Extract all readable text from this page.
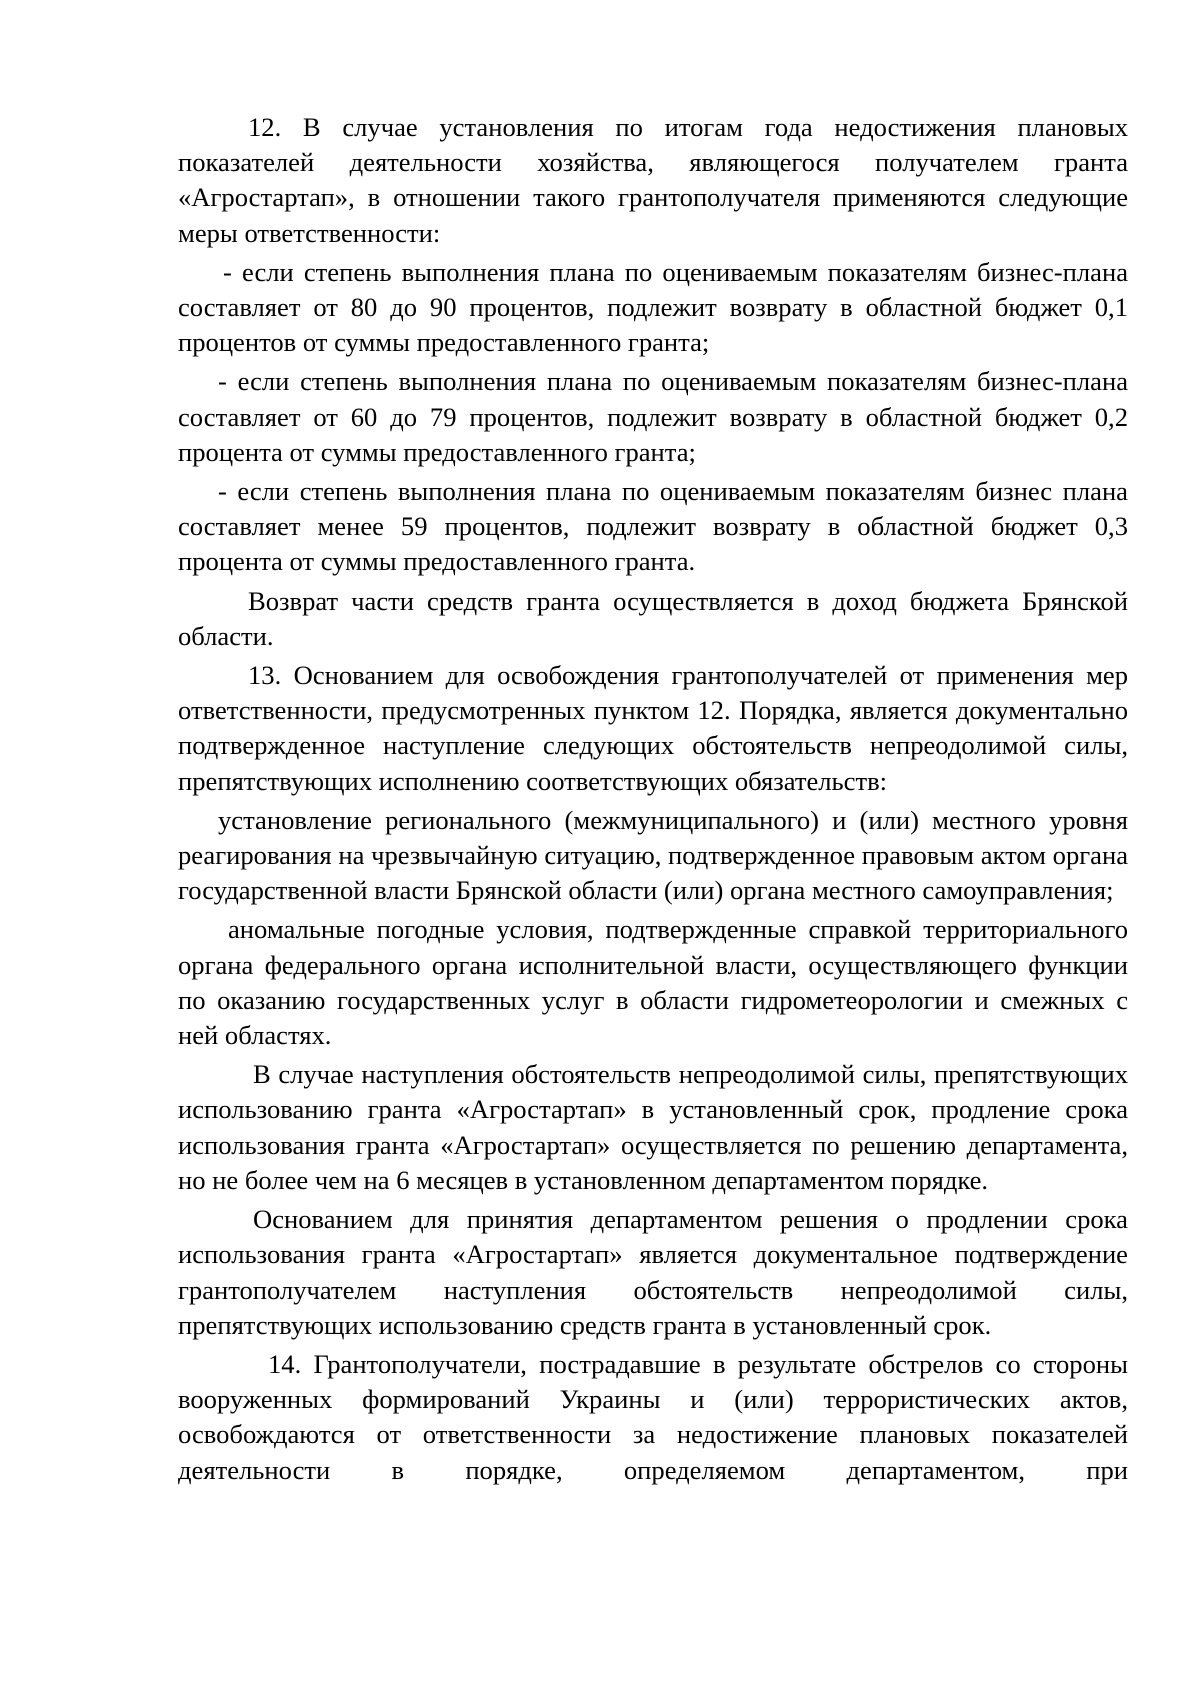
12. В случае установления по итогам года недостижения плановых показателей деятельности хозяйства, являющегося получателем гранта «Агростартап», в отношении такого грантополучателя применяются следующие меры ответственности:

- если степень выполнения плана по оцениваемым показателям бизнес-плана составляет от 80 до 90 процентов, подлежит возврату в областной бюджет 0,1 процентов от суммы предоставленного гранта;

- если степень выполнения плана по оцениваемым показателям бизнес-плана составляет от 60 до 79 процентов, подлежит возврату в областной бюджет 0,2 процента от суммы предоставленного гранта;

- если степень выполнения плана по оцениваемым показателям бизнес плана составляет менее 59 процентов, подлежит возврату в областной бюджет 0,3 процента от суммы предоставленного гранта.

Возврат части средств гранта осуществляется в доход бюджета Брянской области.

13. Основанием для освобождения грантополучателей от применения мер ответственности, предусмотренных пунктом 12. Порядка, является документально подтвержденное наступление следующих обстоятельств непреодолимой силы, препятствующих исполнению соответствующих обязательств:

установление регионального (межмуниципального) и (или) местного уровня реагирования на чрезвычайную ситуацию, подтвержденное правовым актом органа государственной власти Брянской области (или) органа местного самоуправления;

аномальные погодные условия, подтвержденные справкой территориального органа федерального органа исполнительной власти, осуществляющего функции по оказанию государственных услуг в области гидрометеорологии и смежных с ней областях.

В случае наступления обстоятельств непреодолимой силы, препятствующих использованию гранта «Агростартап» в установленный срок, продление срока использования гранта «Агростартап» осуществляется по решению департамента, но не более чем на 6 месяцев в установленном департаментом порядке.

Основанием для принятия департаментом решения о продлении срока использования гранта «Агростартап» является документальное подтверждение грантополучателем наступления обстоятельств непреодолимой силы, препятствующих использованию средств гранта в установленный срок.

14. Грантополучатели, пострадавшие в результате обстрелов со стороны вооруженных формирований Украины и (или) террористических актов, освобождаются от ответственности за недостижение плановых показателей деятельности в порядке, определяемом департаментом, при
